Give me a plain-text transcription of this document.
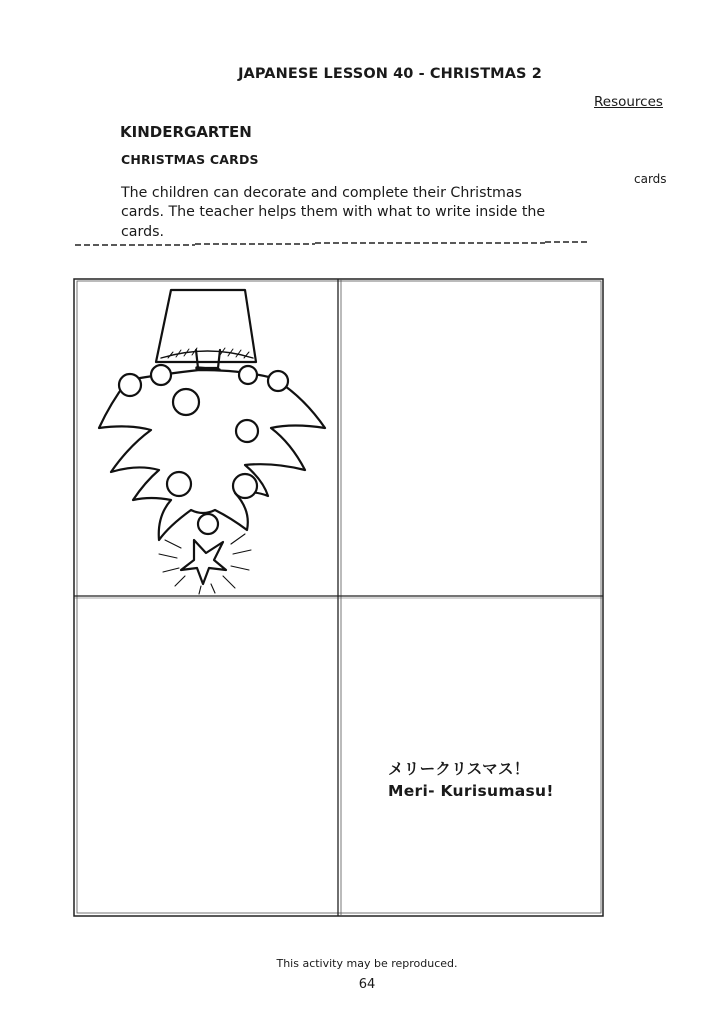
JAPANESE LESSON 40 - CHRISTMAS 2
Resources
KINDERGARTEN
CHRISTMAS CARDS
cards
The children can decorate and complete their Christmas cards. The teacher helps them with what to write inside the cards.
メリークリスマス！
Meri- Kurisumasu!
This activity may be reproduced.
64
